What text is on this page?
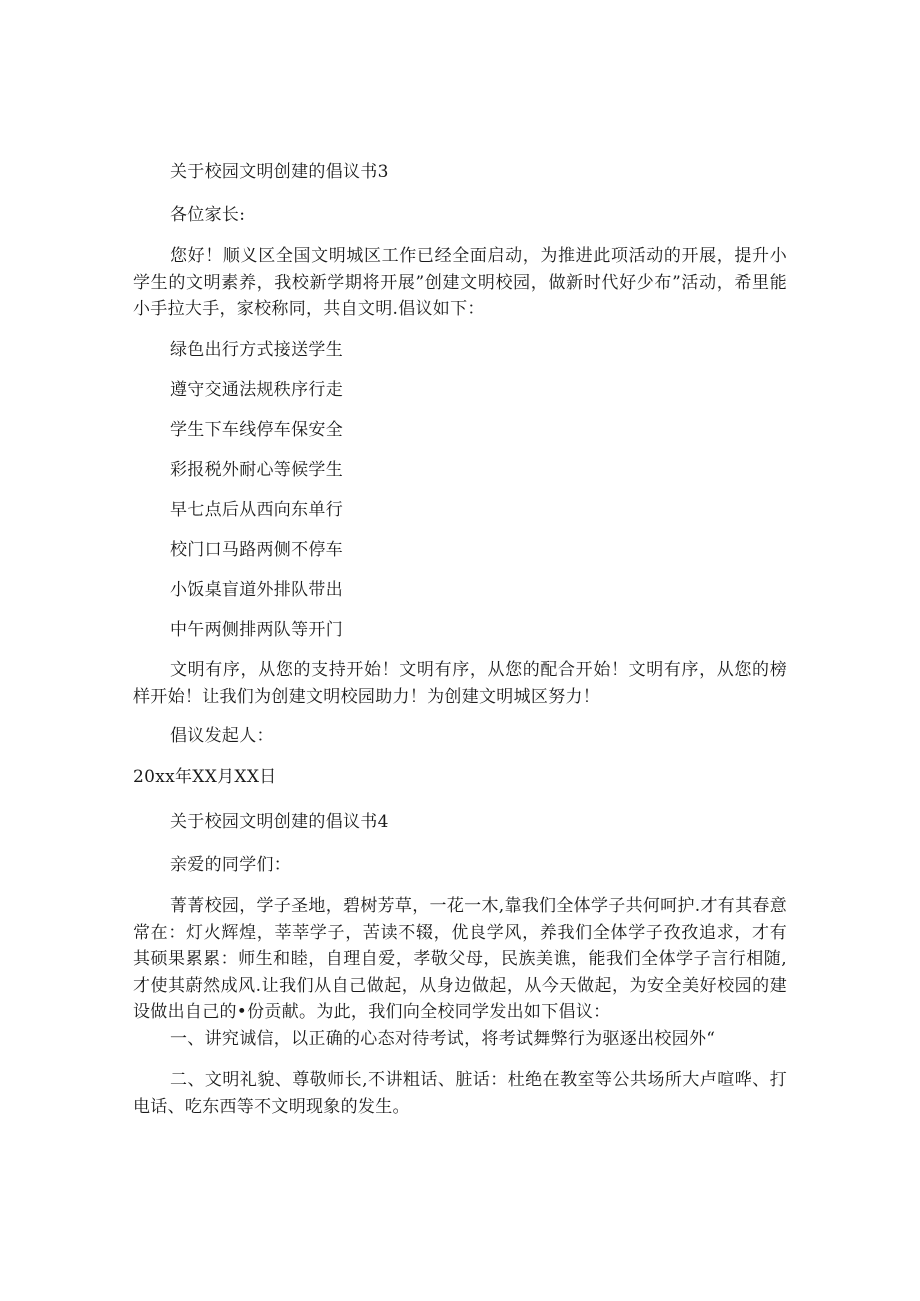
关于校园文明创建的倡议书3

各位家长:

您好！顺义区全国文明城区工作已经全面启动，为推进此项活动的开展，提升小学生的文明素养，我校新学期将开展”创建文明校园，做新时代好少布”活动，希里能小手拉大手，家校称同，共自文明.倡议如下：

绿色出行方式接送学生

遵守交通法规秩序行走

学生下车线停车保安全

彩报税外耐心等候学生

早七点后从西向东单行

校门口马路两侧不停车

小饭桌盲道外排队带出

中午两侧排两队等开门

文明有序，从您的支持开始！文明有序，从您的配合开始！文明有序，从您的榜样开始！让我们为创建文明校园助力！为创建文明城区努力！

倡议发起人：

20xx年XX月XX日

关于校园文明创建的倡议书4

亲爱的同学们：

菁菁校园，学子圣地，碧树芳草，一花一木,靠我们全体学子共何呵护.才有其春意常在：灯火辉煌，莘莘学子，苦读不辍，优良学风，养我们全体学子孜孜追求，才有其硕果累累：师生和睦，自理自爱，孝敬父母，民族美谯，能我们全体学子言行相随,才使其蔚然成风.让我们从自己做起，从身边做起，从今天做起，为安全美好校园的建设做出自己的•份贡献。为此，我们向全校同学发出如下倡议：

一、讲究诚信，以正确的心态对待考试，将考试舞弊行为驱逐出校园外“

二、文明礼貌、尊敬师长,不讲粗话、脏话：杜绝在教室等公共场所大卢喧哗、打电话、吃东西等不文明现象的发生。
